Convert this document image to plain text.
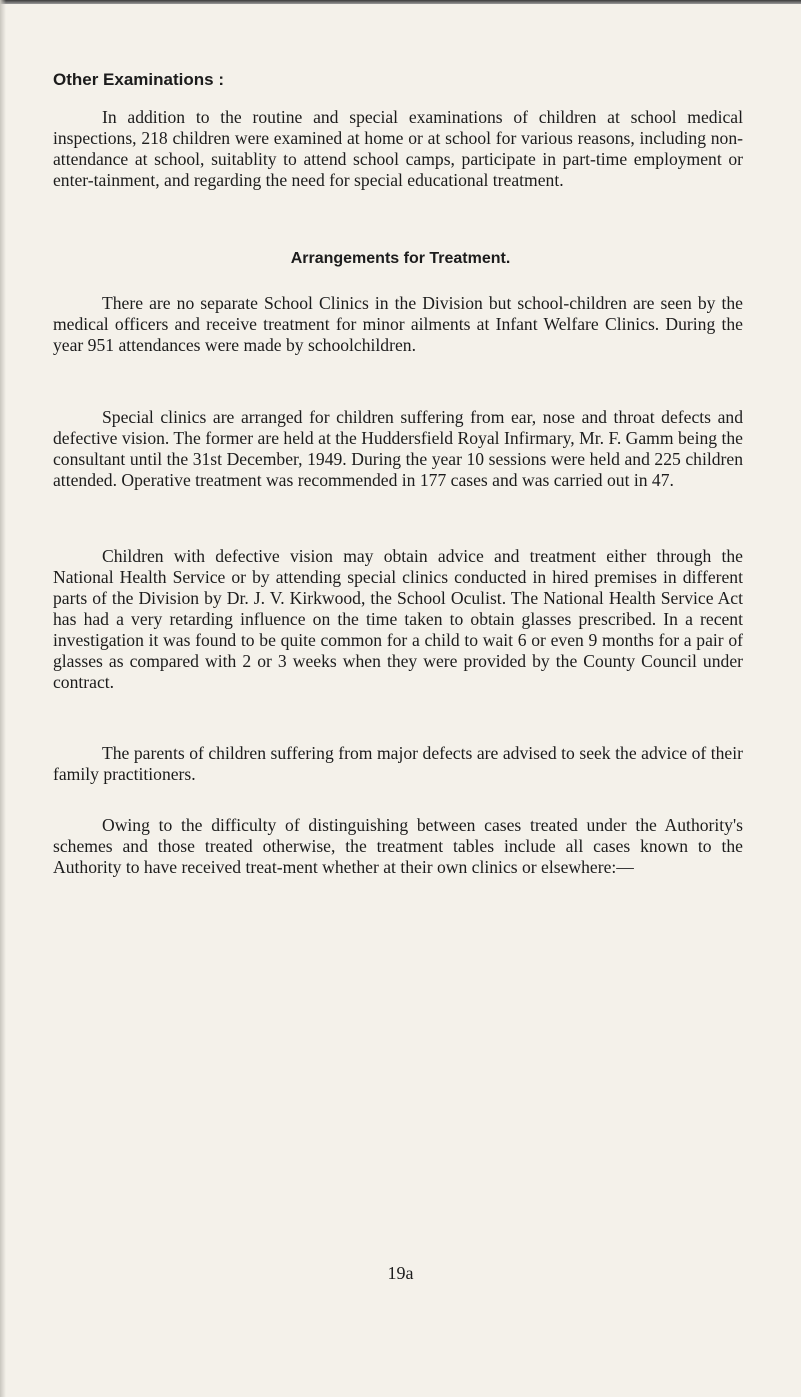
Other Examinations :

In addition to the routine and special examinations of children at school medical inspections, 218 children were examined at home or at school for various reasons, including non-attendance at school, suitablity to attend school camps, participate in part-time employment or enter-tainment, and regarding the need for special educational treatment.

Arrangements for Treatment.

There are no separate School Clinics in the Division but school-children are seen by the medical officers and receive treatment for minor ailments at Infant Welfare Clinics. During the year 951 attendances were made by schoolchildren.

Special clinics are arranged for children suffering from ear, nose and throat defects and defective vision. The former are held at the Huddersfield Royal Infirmary, Mr. F. Gamm being the consultant until the 31st December, 1949. During the year 10 sessions were held and 225 children attended. Operative treatment was recommended in 177 cases and was carried out in 47.

Children with defective vision may obtain advice and treatment either through the National Health Service or by attending special clinics conducted in hired premises in different parts of the Division by Dr. J. V. Kirkwood, the School Oculist. The National Health Service Act has had a very retarding influence on the time taken to obtain glasses prescribed. In a recent investigation it was found to be quite common for a child to wait 6 or even 9 months for a pair of glasses as compared with 2 or 3 weeks when they were provided by the County Council under contract.

The parents of children suffering from major defects are advised to seek the advice of their family practitioners.

Owing to the difficulty of distinguishing between cases treated under the Authority's schemes and those treated otherwise, the treatment tables include all cases known to the Authority to have received treat-ment whether at their own clinics or elsewhere:—

19a
